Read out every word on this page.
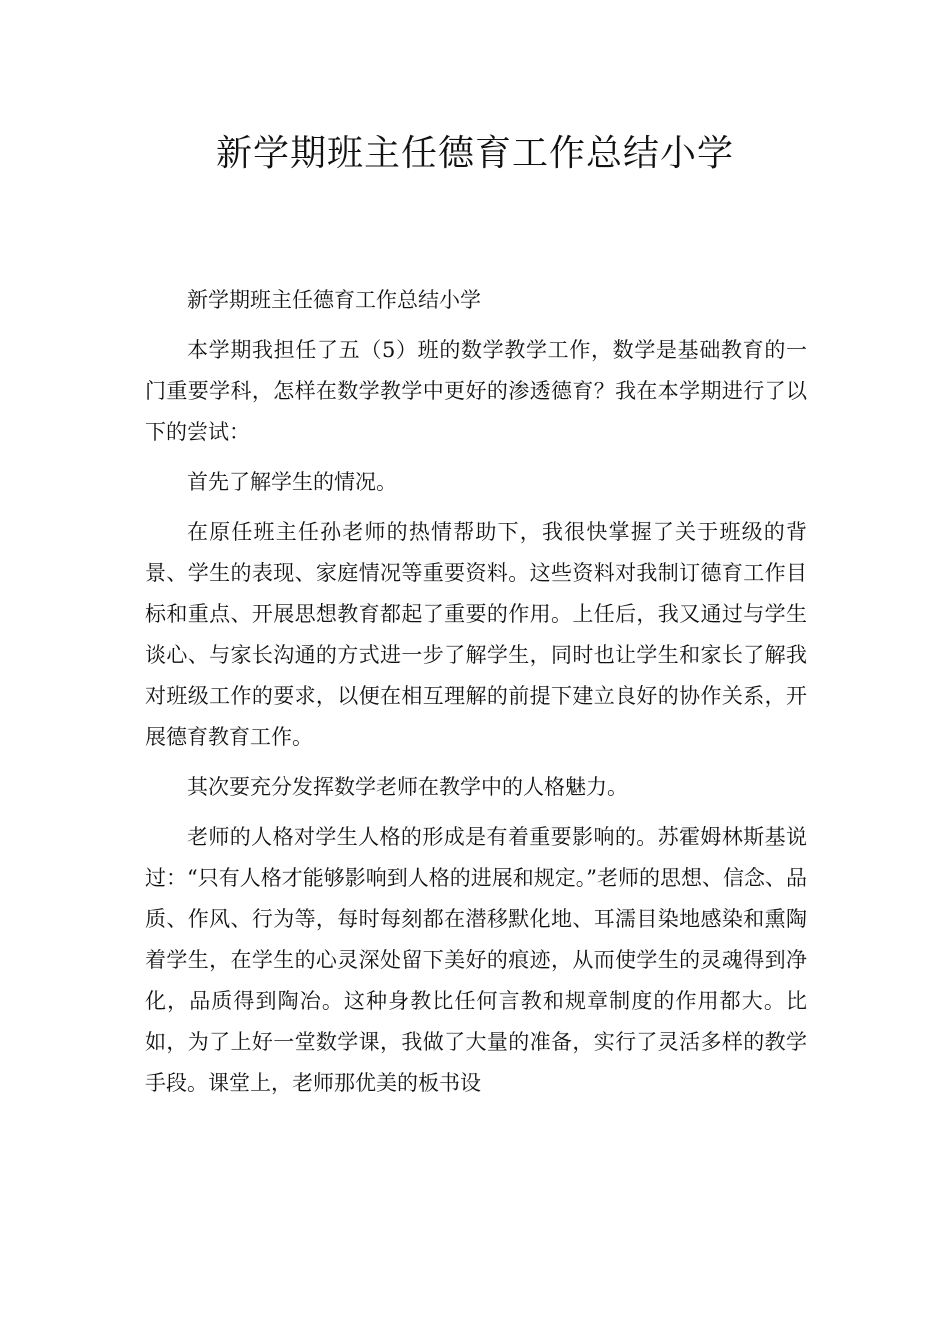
新学期班主任德育工作总结小学

新学期班主任德育工作总结小学

本学期我担任了五（5）班的数学教学工作，数学是基础教育的一门重要学科，怎样在数学教学中更好的渗透德育？我在本学期进行了以下的尝试：

首先了解学生的情况。

在原任班主任孙老师的热情帮助下，我很快掌握了关于班级的背景、学生的表现、家庭情况等重要资料。这些资料对我制订德育工作目标和重点、开展思想教育都起了重要的作用。上任后，我又通过与学生谈心、与家长沟通的方式进一步了解学生，同时也让学生和家长了解我对班级工作的要求，以便在相互理解的前提下建立良好的协作关系，开展德育教育工作。

其次要充分发挥数学老师在教学中的人格魅力。

老师的人格对学生人格的形成是有着重要影响的。苏霍姆林斯基说过：“只有人格才能够影响到人格的进展和规定。”老师的思想、信念、品质、作风、行为等，每时每刻都在潜移默化地、耳濡目染地感染和熏陶着学生，在学生的心灵深处留下美好的痕迹，从而使学生的灵魂得到净化，品质得到陶冶。这种身教比任何言教和规章制度的作用都大。比如，为了上好一堂数学课，我做了大量的准备，实行了灵活多样的教学手段。课堂上，老师那优美的板书设
